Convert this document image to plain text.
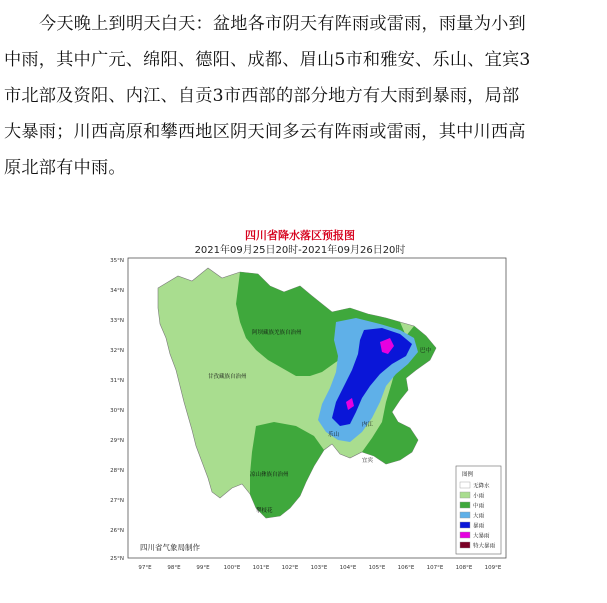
今天晚上到明天白天：盆地各市阴天有阵雨或雷雨，雨量为小到
中雨，其中广元、绵阳、德阳、成都、眉山5市和雅安、乐山、宜宾3
市北部及资阳、内江、自贡3市西部的部分地方有大雨到暴雨，局部
大暴雨；川西高原和攀西地区阴天间多云有阵雨或雷雨，其中川西高
原北部有中雨。
四川省降水落区预报图
2021年09月25日20时-2021年09月26日20时
35°N
34°N
33°N
32°N
31°N
30°N
29°N
28°N
27°N
26°N
25°N
97°E	98°E	99°E	100°E 101°E 102°E 103°E 104°E 105°E 106°E 107°E 108°E 109°E
阿坝藏族羌族自治州
甘孜藏族自治州
凉山彝族自治州
攀枝花
巴中
乐山
内江
宜宾
图例
无降水
小雨
中雨
大雨
暴雨
大暴雨
特大暴雨
四川省气象局制作
